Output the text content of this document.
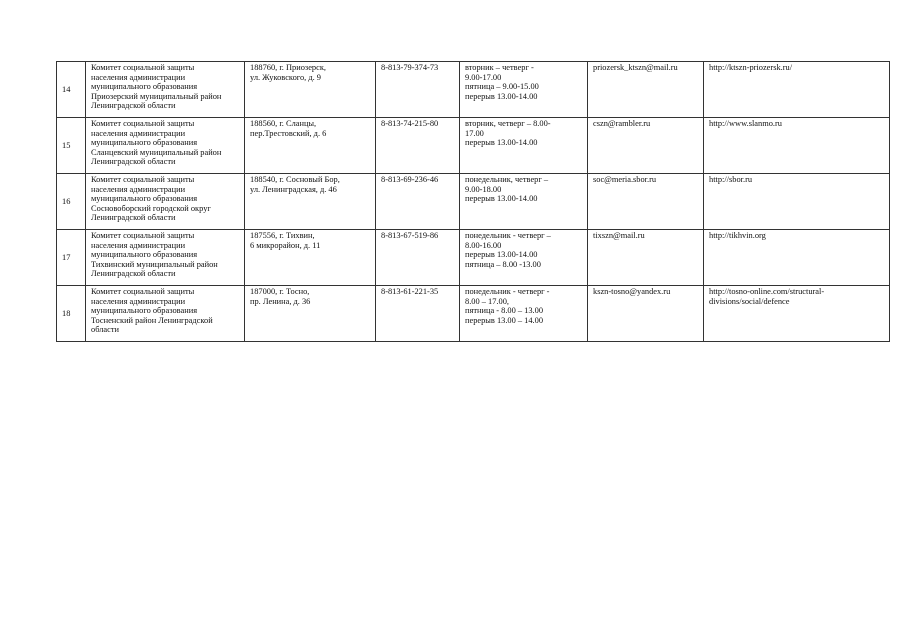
14	Комитет социальной защиты
населения администрации
муниципального образования
Приозерский муниципальный район
Ленинградской области	188760, г. Приозерск,
ул. Жуковского, д. 9	8-813-79-374-73	вторник – четверг -
9.00-17.00
пятница – 9.00-15.00
перерыв 13.00-14.00	priozersk_ktszn@mail.ru	http://ktszn-priozersk.ru/

15	Комитет социальной защиты
населения администрации
муниципального образования
Сланцевский муниципальный район
Ленинградской области	188560, г. Сланцы,
пер.Трестовский, д. 6	8-813-74-215-80	вторник, четверг – 8.00-
17.00
перерыв 13.00-14.00	cszn@rambler.ru	http://www.slanmo.ru

16	Комитет социальной защиты
населения администрации
муниципального образования
Сосновоборский городской округ
Ленинградской области	188540, г. Сосновый Бор,
ул. Ленинградская, д. 46	8-813-69-236-46	понедельник, четверг –
9.00-18.00
перерыв 13.00-14.00	soc@meria.sbor.ru	http://sbor.ru

17	Комитет социальной защиты
населения администрации
муниципального образования
Тихвинский муниципальный район
Ленинградской области	187556, г. Тихвин,
6 микрорайон, д. 11	8-813-67-519-86	понедельник - четверг –
8.00-16.00
перерыв 13.00-14.00
пятница – 8.00 -13.00	tixszn@mail.ru	http://tikhvin.org

18	Комитет социальной защиты
населения администрации
муниципального образования
Тосненский район Ленинградской
области	187000, г. Тосно,
пр. Ленина, д. 36	8-813-61-221-35	понедельник - четверг -
8.00 – 17.00,
пятница - 8.00 – 13.00
перерыв 13.00 – 14.00	kszn-tosno@yandex.ru	http://tosno-online.com/structural-
divisions/social/defence
